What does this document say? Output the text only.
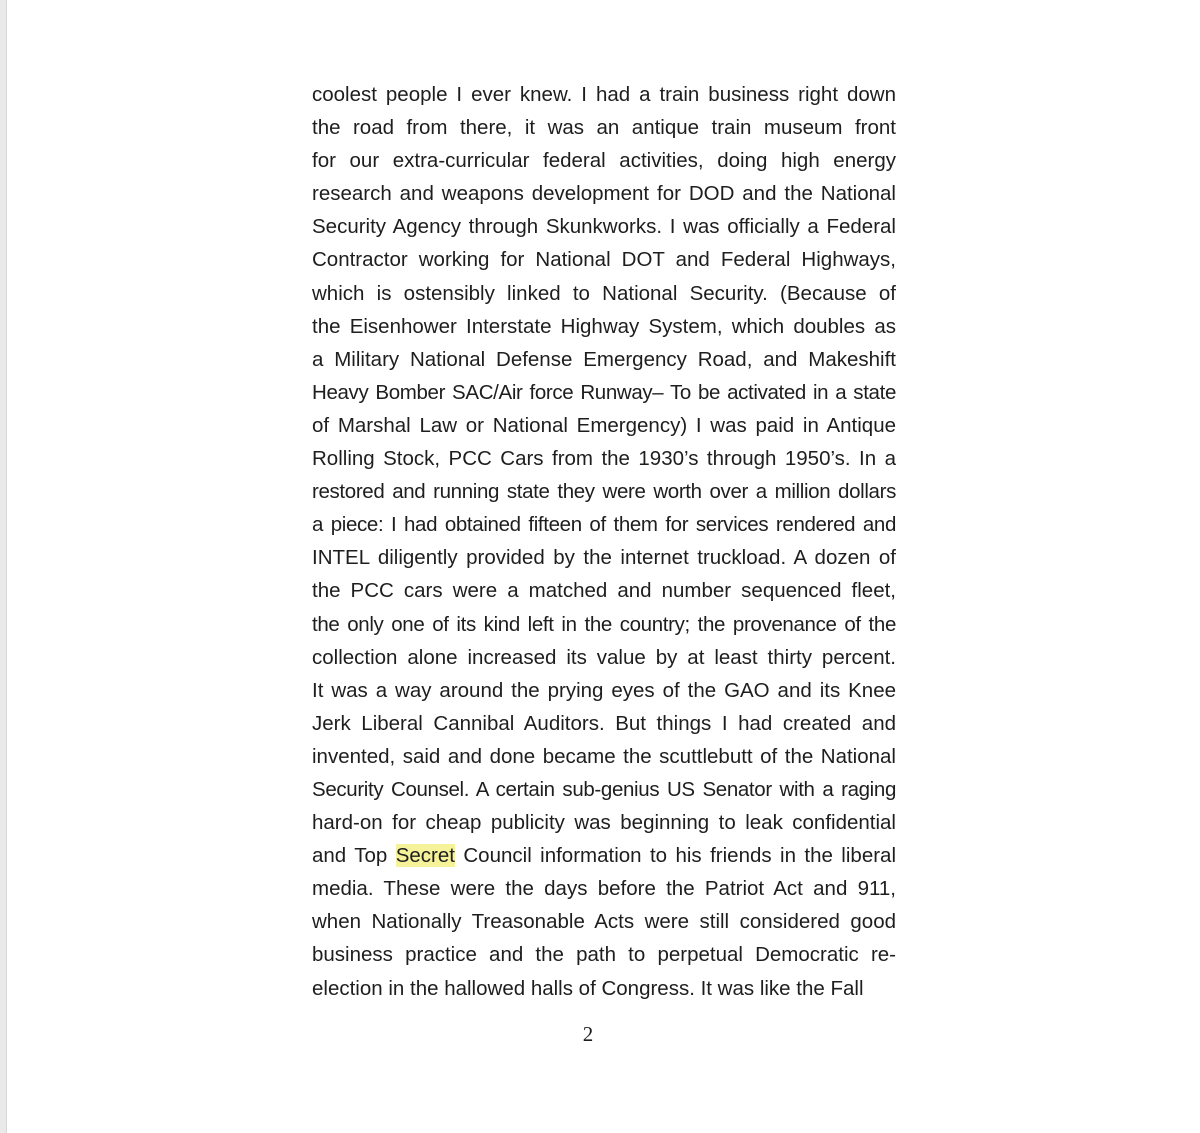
coolest people I ever knew. I had a train business right down
the road from there, it was an antique train museum front
for our extra-curricular federal activities, doing high energy
research and weapons development for DOD and the National
Security Agency through Skunkworks. I was officially a Federal
Contractor working for National DOT and Federal Highways,
which is ostensibly linked to National Security. (Because of
the Eisenhower Interstate Highway System, which doubles as
a Military National Defense Emergency Road, and Makeshift
Heavy Bomber SAC/Air force Runway– To be activated in a state
of Marshal Law or National Emergency) I was paid in Antique
Rolling Stock, PCC Cars from the 1930’s through 1950’s. In a
restored and running state they were worth over a million dollars
a piece: I had obtained fifteen of them for services rendered and
INTEL diligently provided by the internet truckload. A dozen of
the PCC cars were a matched and number sequenced fleet,
the only one of its kind left in the country; the provenance of the
collection alone increased its value by at least thirty percent.
It was a way around the prying eyes of the GAO and its Knee
Jerk Liberal Cannibal Auditors. But things I had created and
invented, said and done became the scuttlebutt of the National
Security Counsel. A certain sub-genius US Senator with a raging
hard-on for cheap publicity was beginning to leak confidential
and Top Secret Council information to his friends in the liberal
media. These were the days before the Patriot Act and 911,
when Nationally Treasonable Acts were still considered good
business practice and the path to perpetual Democratic re-
election in the hallowed halls of Congress. It was like the Fall
2
